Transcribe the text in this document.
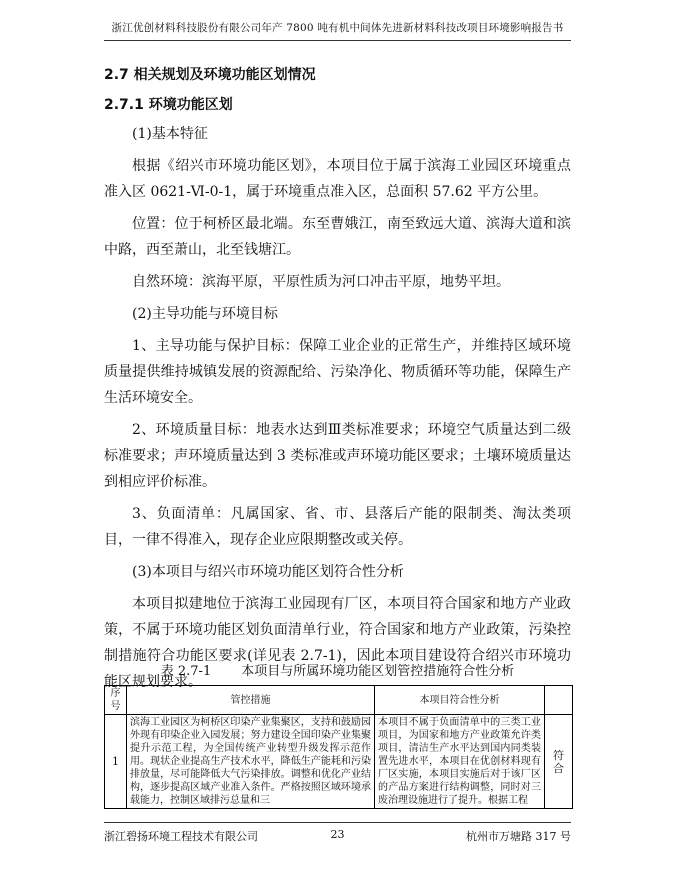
浙江优创材料科技股份有限公司年产 7800 吨有机中间体先进新材料科技改项目环境影响报告书
2.7 相关规划及环境功能区划情况
2.7.1 环境功能区划

(1)基本特征

根据《绍兴市环境功能区划》，本项目位于属于滨海工业园区环境重点准入区 0621-Ⅵ-0-1，属于环境重点准入区，总面积 57.62 平方公里。

位置：位于柯桥区最北端。东至曹娥江，南至致远大道、滨海大道和滨中路，西至萧山，北至钱塘江。

自然环境：滨海平原，平原性质为河口冲击平原，地势平坦。

(2)主导功能与环境目标

1、主导功能与保护目标：保障工业企业的正常生产，并维持区域环境质量提供维持城镇发展的资源配给、污染净化、物质循环等功能，保障生产生活环境安全。

2、环境质量目标：地表水达到Ⅲ类标准要求；环境空气质量达到二级标准要求；声环境质量达到 3 类标准或声环境功能区要求；土壤环境质量达到相应评价标准。

3、负面清单：凡属国家、省、市、县落后产能的限制类、淘汰类项目，一律不得准入，现存企业应限期整改或关停。

(3)本项目与绍兴市环境功能区划符合性分析

本项目拟建地位于滨海工业园现有厂区，本项目符合国家和地方产业政策，不属于环境功能区划负面清单行业，符合国家和地方产业政策，污染控制措施符合功能区要求(详见表 2.7-1)，因此本项目建设符合绍兴市环境功能区规划要求。

表 2.7-1 本项目与所属环境功能区划管控措施符合性分析
序号	管控措施	本项目符合性分析	
1	滨海工业园区为柯桥区印染产业集聚区，支持和鼓励园外现有印染企业入园发展；努力建设全国印染产业集聚提升示范工程，为全国传统产业转型升级发挥示范作用。现状企业提高生产技术水平，降低生产能耗和污染排放量，尽可能降低大气污染排放。调整和优化产业结构，逐步提高区域产业准入条件。严格按照区域环境承载能力，控制区域排污总量和三	本项目不属于负面清单中的三类工业项目，为国家和地方产业政策允许类项目，清洁生产水平达到国内同类装置先进水平，本项目在优创材料现有厂区实施，本项目实施后对于该厂区的产品方案进行结构调整，同时对三废治理设施进行了提升。根据工程	符合
浙江碧扬环境工程技术有限公司	23	杭州市万塘路 317 号
